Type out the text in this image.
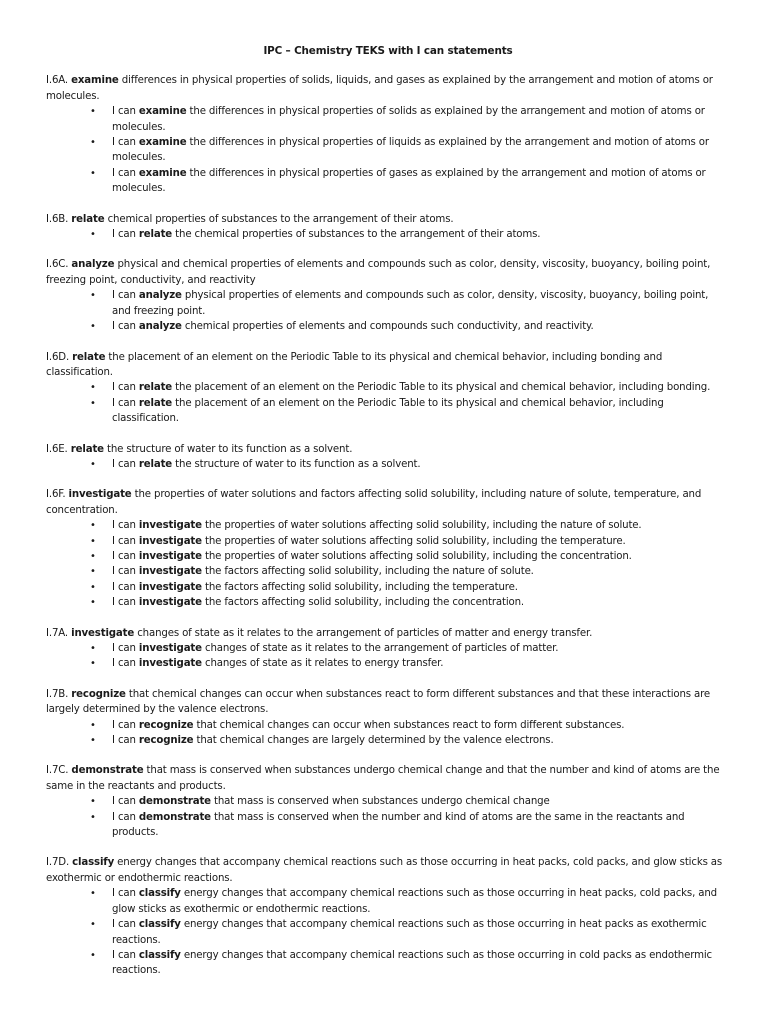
IPC – Chemistry TEKS with I can statements

I.6A. examine differences in physical properties of solids, liquids, and gases as explained by the arrangement and motion of atoms or molecules.

• I can examine the differences in physical properties of solids as explained by the arrangement and motion of atoms or molecules.
• I can examine the differences in physical properties of liquids as explained by the arrangement and motion of atoms or molecules.
• I can examine the differences in physical properties of gases as explained by the arrangement and motion of atoms or molecules.

I.6B. relate chemical properties of substances to the arrangement of their atoms.

• I can relate the chemical properties of substances to the arrangement of their atoms.

I.6C. analyze physical and chemical properties of elements and compounds such as color, density, viscosity, buoyancy, boiling point, freezing point, conductivity, and reactivity

• I can analyze physical properties of elements and compounds such as color, density, viscosity, buoyancy, boiling point, and freezing point.
• I can analyze chemical properties of elements and compounds such conductivity, and reactivity.

I.6D. relate the placement of an element on the Periodic Table to its physical and chemical behavior, including bonding and classification.

• I can relate the placement of an element on the Periodic Table to its physical and chemical behavior, including bonding.
• I can relate the placement of an element on the Periodic Table to its physical and chemical behavior, including classification.

I.6E. relate the structure of water to its function as a solvent.

• I can relate the structure of water to its function as a solvent.

I.6F. investigate the properties of water solutions and factors affecting solid solubility, including nature of solute, temperature, and concentration.

• I can investigate the properties of water solutions affecting solid solubility, including the nature of solute.
• I can investigate the properties of water solutions affecting solid solubility, including the temperature.
• I can investigate the properties of water solutions affecting solid solubility, including the concentration.
• I can investigate the factors affecting solid solubility, including the nature of solute.
• I can investigate the factors affecting solid solubility, including the temperature.
• I can investigate the factors affecting solid solubility, including the concentration.

I.7A. investigate changes of state as it relates to the arrangement of particles of matter and energy transfer.

• I can investigate changes of state as it relates to the arrangement of particles of matter.
• I can investigate changes of state as it relates to energy transfer.

I.7B. recognize that chemical changes can occur when substances react to form different substances and that these interactions are largely determined by the valence electrons.

• I can recognize that chemical changes can occur when substances react to form different substances.
• I can recognize that chemical changes are largely determined by the valence electrons.

I.7C. demonstrate that mass is conserved when substances undergo chemical change and that the number and kind of atoms are the same in the reactants and products.

• I can demonstrate that mass is conserved when substances undergo chemical change
• I can demonstrate that mass is conserved when the number and kind of atoms are the same in the reactants and products.

I.7D. classify energy changes that accompany chemical reactions such as those occurring in heat packs, cold packs, and glow sticks as exothermic or endothermic reactions.

• I can classify energy changes that accompany chemical reactions such as those occurring in heat packs, cold packs, and glow sticks as exothermic or endothermic reactions.
• I can classify energy changes that accompany chemical reactions such as those occurring in heat packs as exothermic reactions.
• I can classify energy changes that accompany chemical reactions such as those occurring in cold packs as endothermic reactions.
